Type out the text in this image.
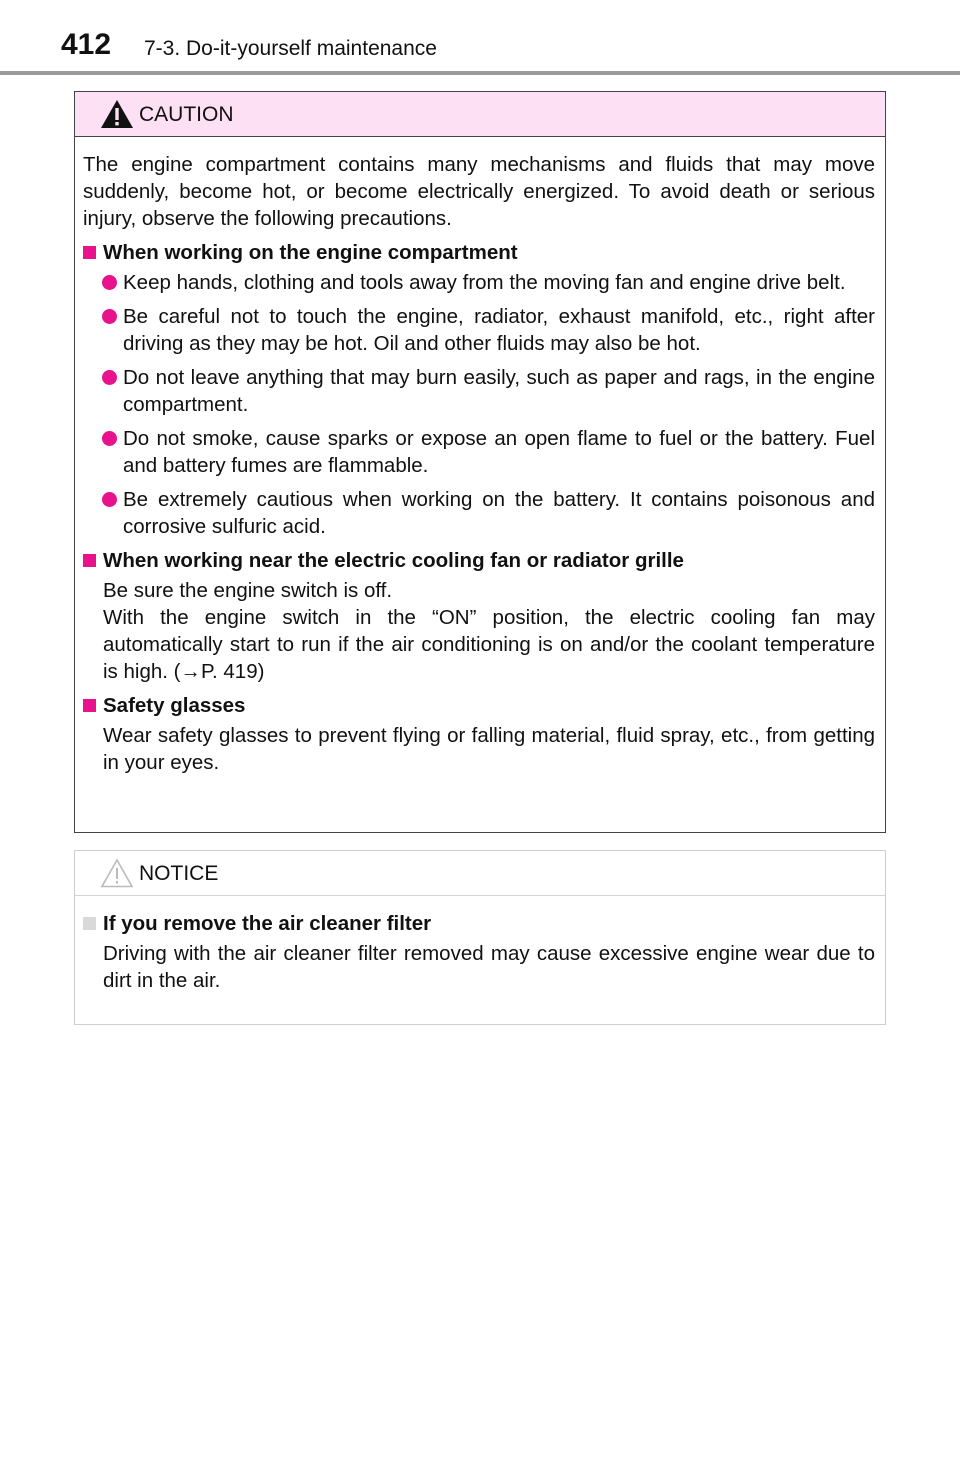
412 7-3. Do-it-yourself maintenance
CAUTION

The engine compartment contains many mechanisms and fluids that may move suddenly, become hot, or become electrically energized. To avoid death or serious injury, observe the following precautions.

When working on the engine compartment

Keep hands, clothing and tools away from the moving fan and engine drive belt.

Be careful not to touch the engine, radiator, exhaust manifold, etc., right after driving as they may be hot. Oil and other fluids may also be hot.

Do not leave anything that may burn easily, such as paper and rags, in the engine compartment.

Do not smoke, cause sparks or expose an open flame to fuel or the battery. Fuel and battery fumes are flammable.

Be extremely cautious when working on the battery. It contains poisonous and corrosive sulfuric acid.

When working near the electric cooling fan or radiator grille

Be sure the engine switch is off.

With the engine switch in the “ON” position, the electric cooling fan may automatically start to run if the air conditioning is on and/or the coolant temperature is high. (→P. 419)

Safety glasses

Wear safety glasses to prevent flying or falling material, fluid spray, etc., from getting in your eyes.

NOTICE

If you remove the air cleaner filter

Driving with the air cleaner filter removed may cause excessive engine wear due to dirt in the air.
